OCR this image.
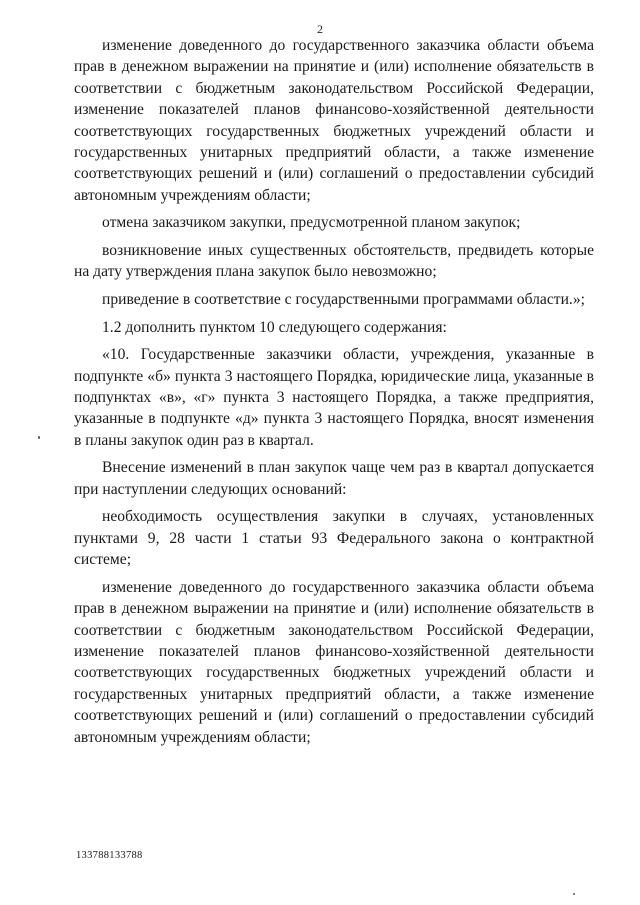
2

изменение доведенного до государственного заказчика области объема прав в денежном выражении на принятие и (или) исполнение обязательств в соответствии с бюджетным законодательством Российской Федерации, изменение показателей планов финансово-хозяйственной деятельности соответствующих государственных бюджетных учреждений области и государственных унитарных предприятий области, а также изменение соответствующих решений и (или) соглашений о предоставлении субсидий автономным учреждениям области;

отмена заказчиком закупки, предусмотренной планом закупок;

возникновение иных существенных обстоятельств, предвидеть которые на дату утверждения плана закупок было невозможно;

приведение в соответствие с государственными программами области.»;

1.2 дополнить пунктом 10 следующего содержания:

«10. Государственные заказчики области, учреждения, указанные в подпункте «б» пункта 3 настоящего Порядка, юридические лица, указанные в подпунктах «в», «г» пункта 3 настоящего Порядка, а также предприятия, указанные в подпункте «д» пункта 3 настоящего Порядка, вносят изменения в планы закупок один раз в квартал.

Внесение изменений в план закупок чаще чем раз в квартал допускается при наступлении следующих оснований:

необходимость осуществления закупки в случаях, установленных пунктами 9, 28 части 1 статьи 93 Федерального закона о контрактной системе;

изменение доведенного до государственного заказчика области объема прав в денежном выражении на принятие и (или) исполнение обязательств в соответствии с бюджетным законодательством Российской Федерации, изменение показателей планов финансово-хозяйственной деятельности соответствующих государственных бюджетных учреждений области и государственных унитарных предприятий области, а также изменение соответствующих решений и (или) соглашений о предоставлении субсидий автономным учреждениям области;

133788133788
